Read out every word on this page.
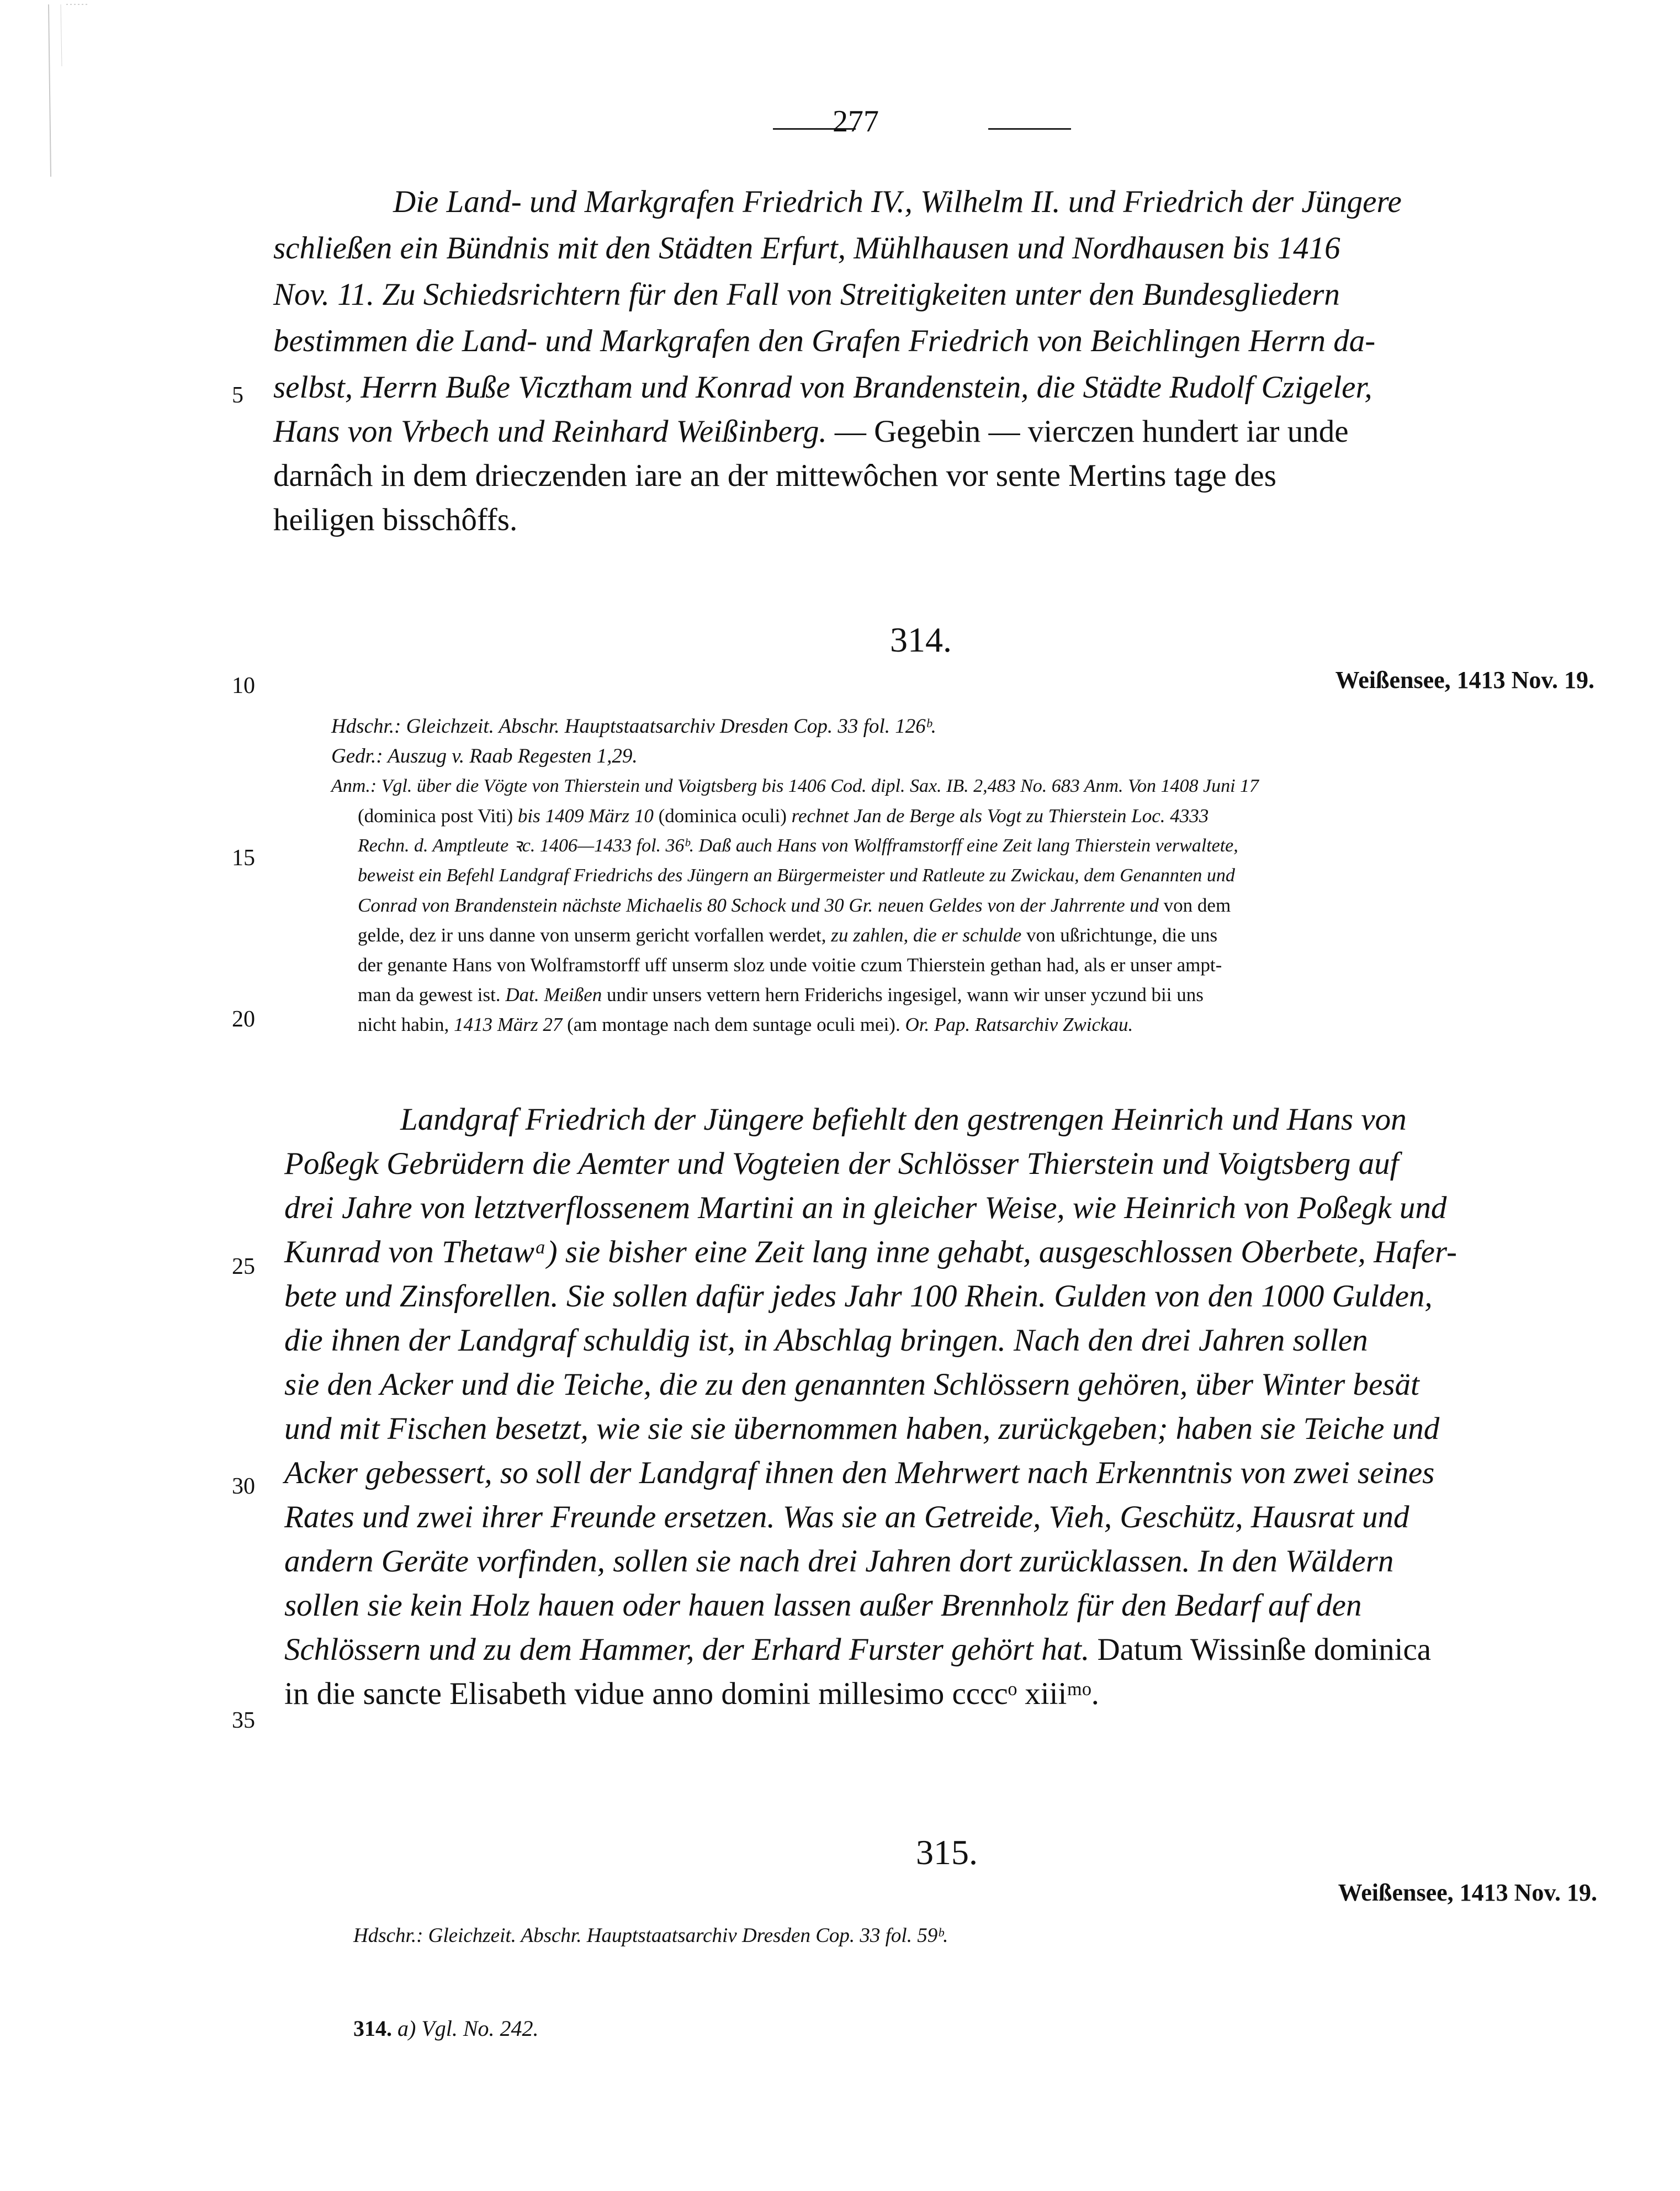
277
5
10
15
20
25
30
35
Die Land- und Markgrafen Friedrich IV., Wilhelm II. und Friedrich der Jüngere
schließen ein Bündnis mit den Städten Erfurt, Mühlhausen und Nordhausen bis 1416
Nov. 11. Zu Schiedsrichtern für den Fall von Streitigkeiten unter den Bundesgliedern
bestimmen die Land- und Markgrafen den Grafen Friedrich von Beichlingen Herrn da-
selbst, Herrn Buße Vicztham und Konrad von Brandenstein, die Städte Rudolf Czigeler,
Hans von Vrbech und Reinhard Weißinberg. — Gegebin — vierczen hundert iar unde
darnâch in dem drieczenden iare an der mittewôchen vor sente Mertins tage des
heiligen bisschôffs.
314.
Weißensee, 1413 Nov. 19.
Hdschr.: Gleichzeit. Abschr. Hauptstaatsarchiv Dresden Cop. 33 fol. 126ᵇ.
Gedr.: Auszug v. Raab Regesten 1,29.
Anm.: Vgl. über die Vögte von Thierstein und Voigtsberg bis 1406 Cod. dipl. Sax. IB. 2,483 No. 683 Anm. Von 1408 Juni 17
(dominica post Viti) bis 1409 März 10 (dominica oculi) rechnet Jan de Berge als Vogt zu Thierstein Loc. 4333
Rechn. d. Amptleute ꝛc. 1406—1433 fol. 36ᵇ. Daß auch Hans von Wolfframstorff eine Zeit lang Thierstein verwaltete,
beweist ein Befehl Landgraf Friedrichs des Jüngern an Bürgermeister und Ratleute zu Zwickau, dem Genannten und
Conrad von Brandenstein nächste Michaelis 80 Schock und 30 Gr. neuen Geldes von der Jahrrente und von dem
gelde, dez ir uns danne von unserm gericht vorfallen werdet, zu zahlen, die er schulde von ußrichtunge, die uns
der genante Hans von Wolframstorff uff unserm sloz unde voitie czum Thierstein gethan had, als er unser ampt-
man da gewest ist. Dat. Meißen undir unsers vettern hern Friderichs ingesigel, wann wir unser yczund bii uns
nicht habin, 1413 März 27 (am montage nach dem suntage oculi mei). Or. Pap. Ratsarchiv Zwickau.
Landgraf Friedrich der Jüngere befiehlt den gestrengen Heinrich und Hans von
Poßegk Gebrüdern die Aemter und Vogteien der Schlösser Thierstein und Voigtsberg auf
drei Jahre von letztverflossenem Martini an in gleicher Weise, wie Heinrich von Poßegk und
Kunrad von Thetawᵃ) sie bisher eine Zeit lang inne gehabt, ausgeschlossen Oberbete, Hafer-
bete und Zinsforellen. Sie sollen dafür jedes Jahr 100 Rhein. Gulden von den 1000 Gulden,
die ihnen der Landgraf schuldig ist, in Abschlag bringen. Nach den drei Jahren sollen
sie den Acker und die Teiche, die zu den genannten Schlössern gehören, über Winter besät
und mit Fischen besetzt, wie sie sie übernommen haben, zurückgeben; haben sie Teiche und
Acker gebessert, so soll der Landgraf ihnen den Mehrwert nach Erkenntnis von zwei seines
Rates und zwei ihrer Freunde ersetzen. Was sie an Getreide, Vieh, Geschütz, Hausrat und
andern Geräte vorfinden, sollen sie nach drei Jahren dort zurücklassen. In den Wäldern
sollen sie kein Holz hauen oder hauen lassen außer Brennholz für den Bedarf auf den
Schlössern und zu dem Hammer, der Erhard Furster gehört hat. Datum Wissinße dominica
in die sancte Elisabeth vidue anno domini millesimo ccccᵒ xiiiᵐᵒ.
315.
Weißensee, 1413 Nov. 19.
Hdschr.: Gleichzeit. Abschr. Hauptstaatsarchiv Dresden Cop. 33 fol. 59ᵇ.
314. a) Vgl. No. 242.
